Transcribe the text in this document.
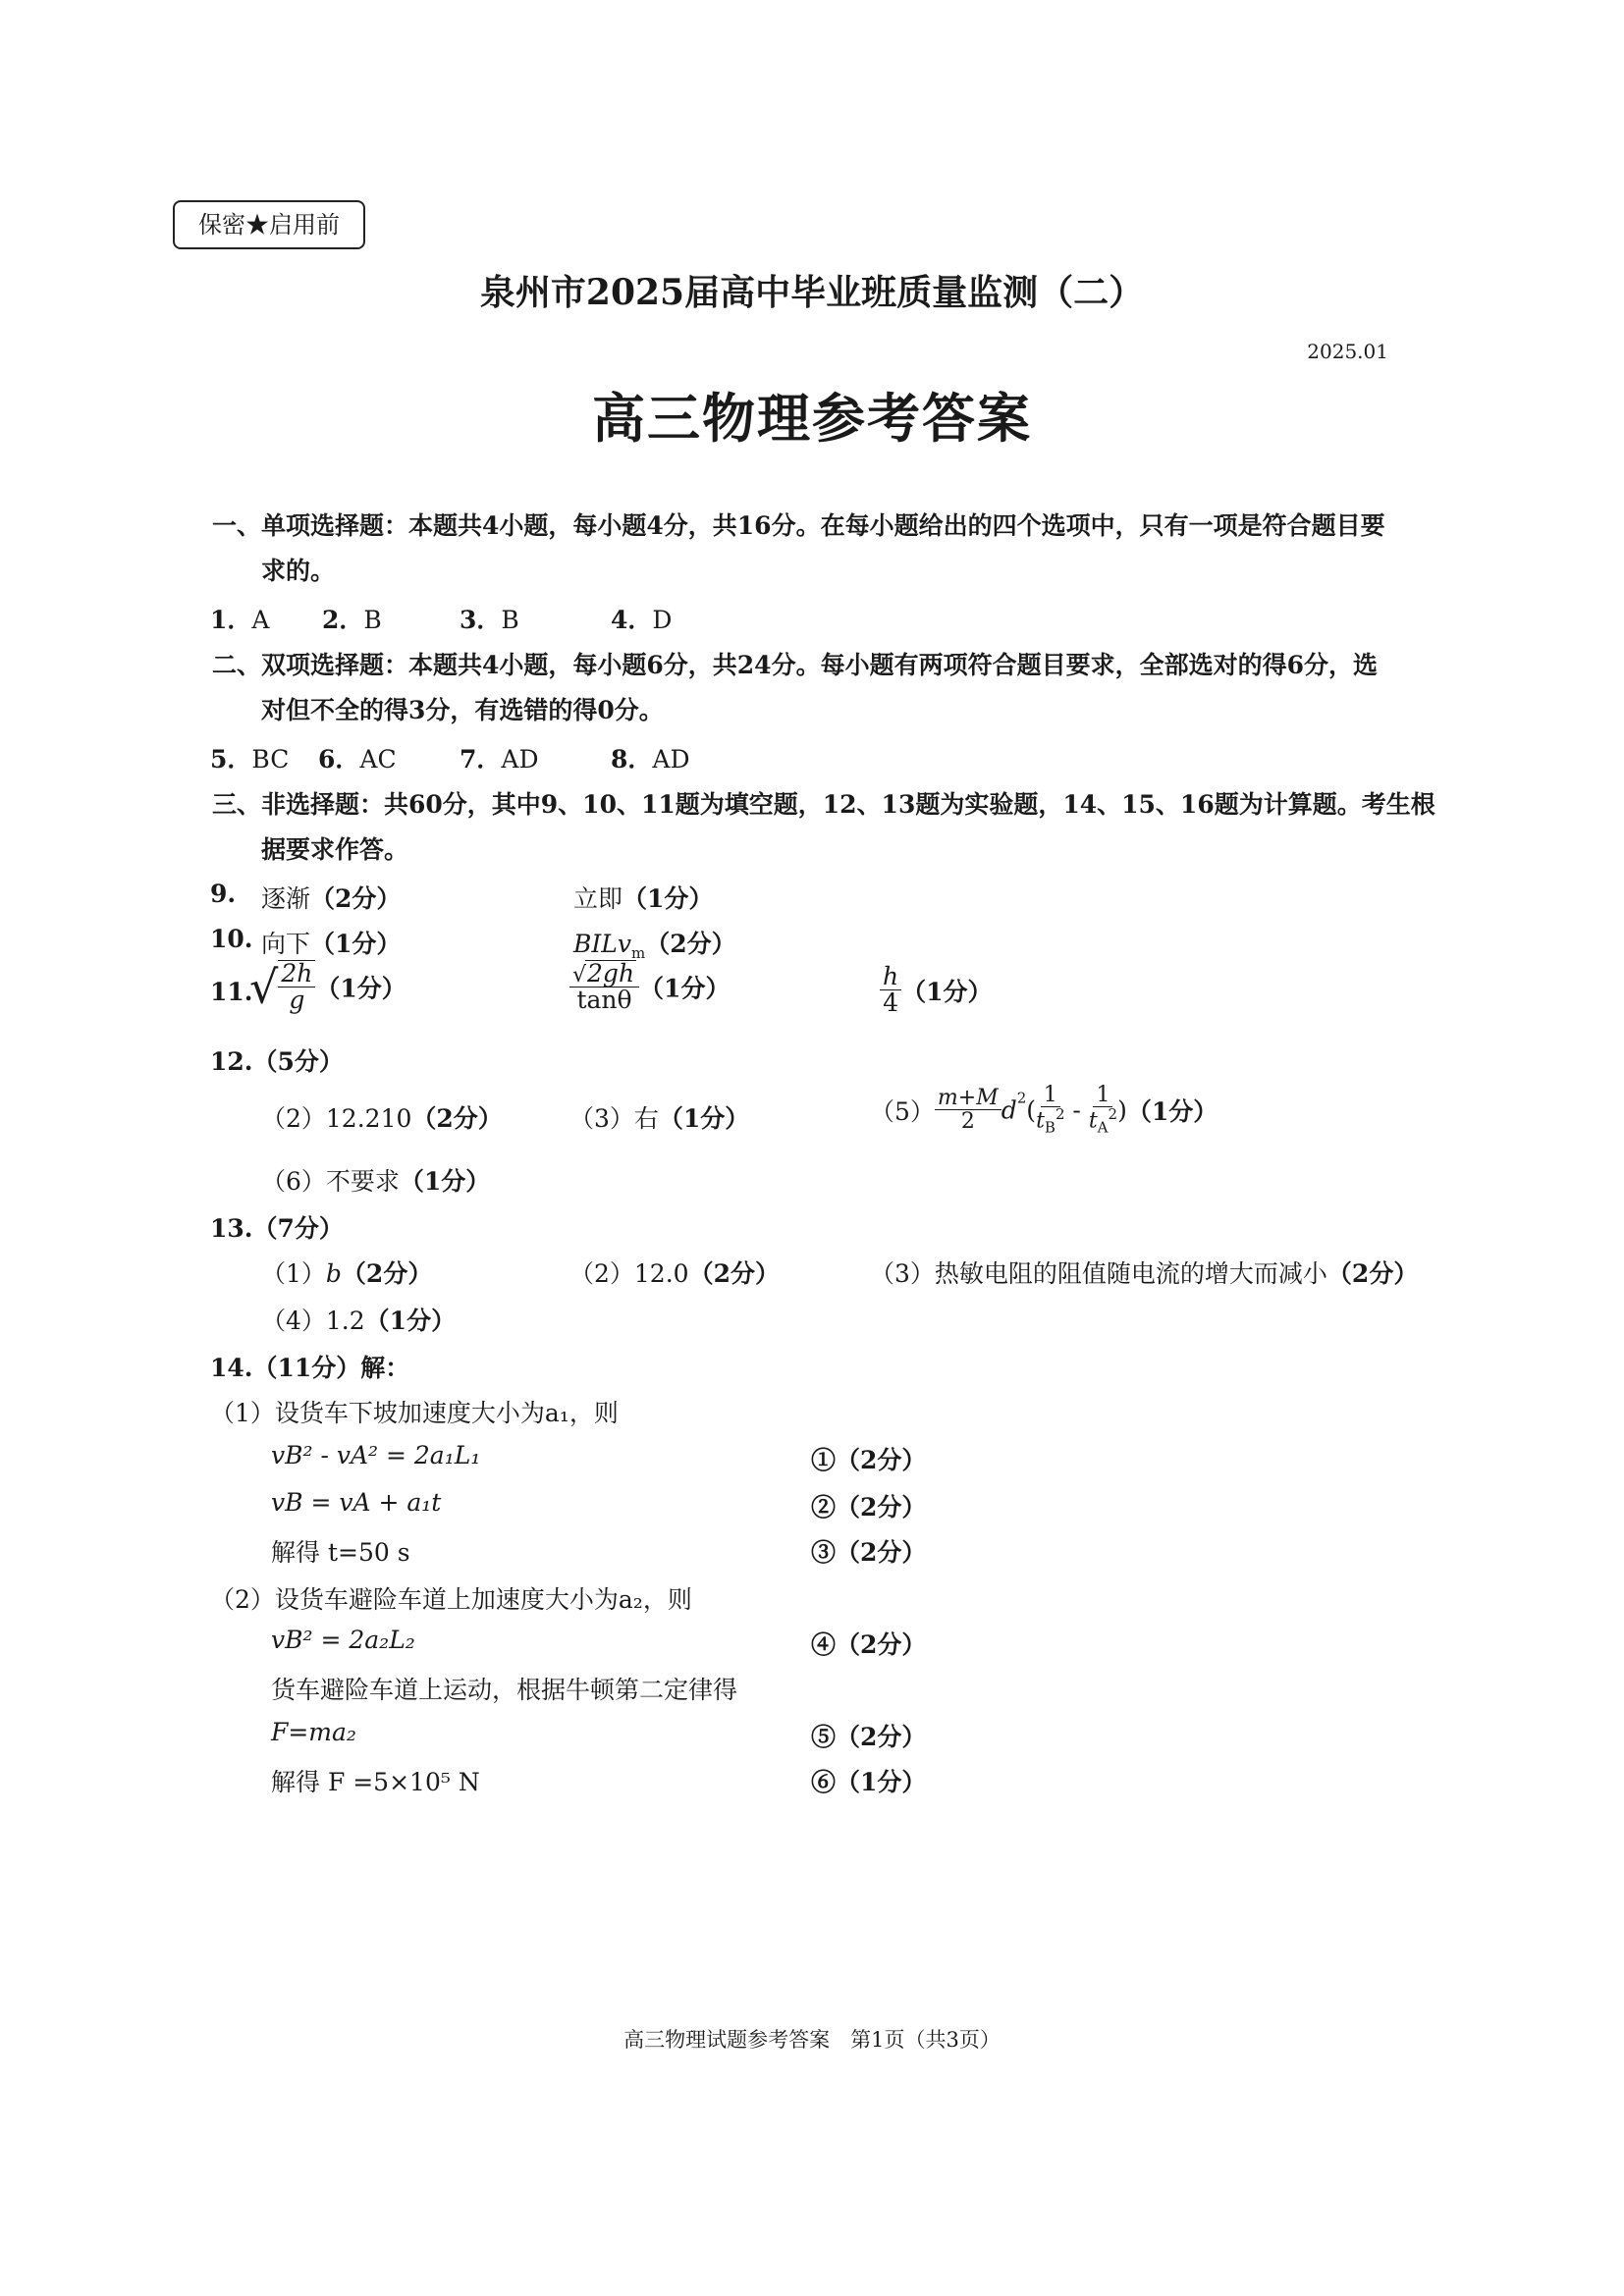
保密★启用前
泉州市2025届高中毕业班质量监测（二）
2025.01
高三物理参考答案
一、单项选择题：本题共4小题，每小题4分，共16分。在每小题给出的四个选项中，只有一项是符合题目要
求的。
1．A 2．B	3．B	4．D
二、双项选择题：本题共4小题，每小题6分，共24分。每小题有两项符合题目要求，全部选对的得6分，选
对但不全的得3分，有选错的得0分。
5．BC 6．AC	7．AD	8．AD
三、非选择题：共60分，其中9、10、11题为填空题，12、13题为实验题，14、15、16题为计算题。考生根
据要求作答。
9. 逐渐（2分）	立即（1分）
10. 向下（1分）	BILv$_m$（2分）
11.
√ $\frac{2h}{g} (1$分）	$\frac{√2gh}{\tan\theta} (1$分）	$\frac{h}{4} (1$分）
12.（5分）
（2）12.210（2分）	（3）右（1分）	$(5) \frac{m+M}{2} d^2( \frac{1}{t_B^2} - \frac{1}{t_A^2} )(1$分）
（6）不要求（1分）
13.（7分）
（1）b（2分）	（2）12.0（2分）	（3）热敏电阻的阻值随电流的增大而减小（2分）
（4）1.2（1分）
14.（11分）解：
（1）设货车下坡加速度大小为a₁，则
vB² - vA² = 2a₁L₁	①（2分）
vB = vA + a₁t	②（2分）
解得 t=50 s	③（2分）
（2）设货车避险车道上加速度大小为a₂，则
vB² = 2a₂L₂	④（2分）
货车避险车道上运动，根据牛顿第二定律得
F=ma₂	⑤（2分）
解得 F =5×10⁵ N	⑥（1分）
高三物理试题参考答案　第1页（共3页）
